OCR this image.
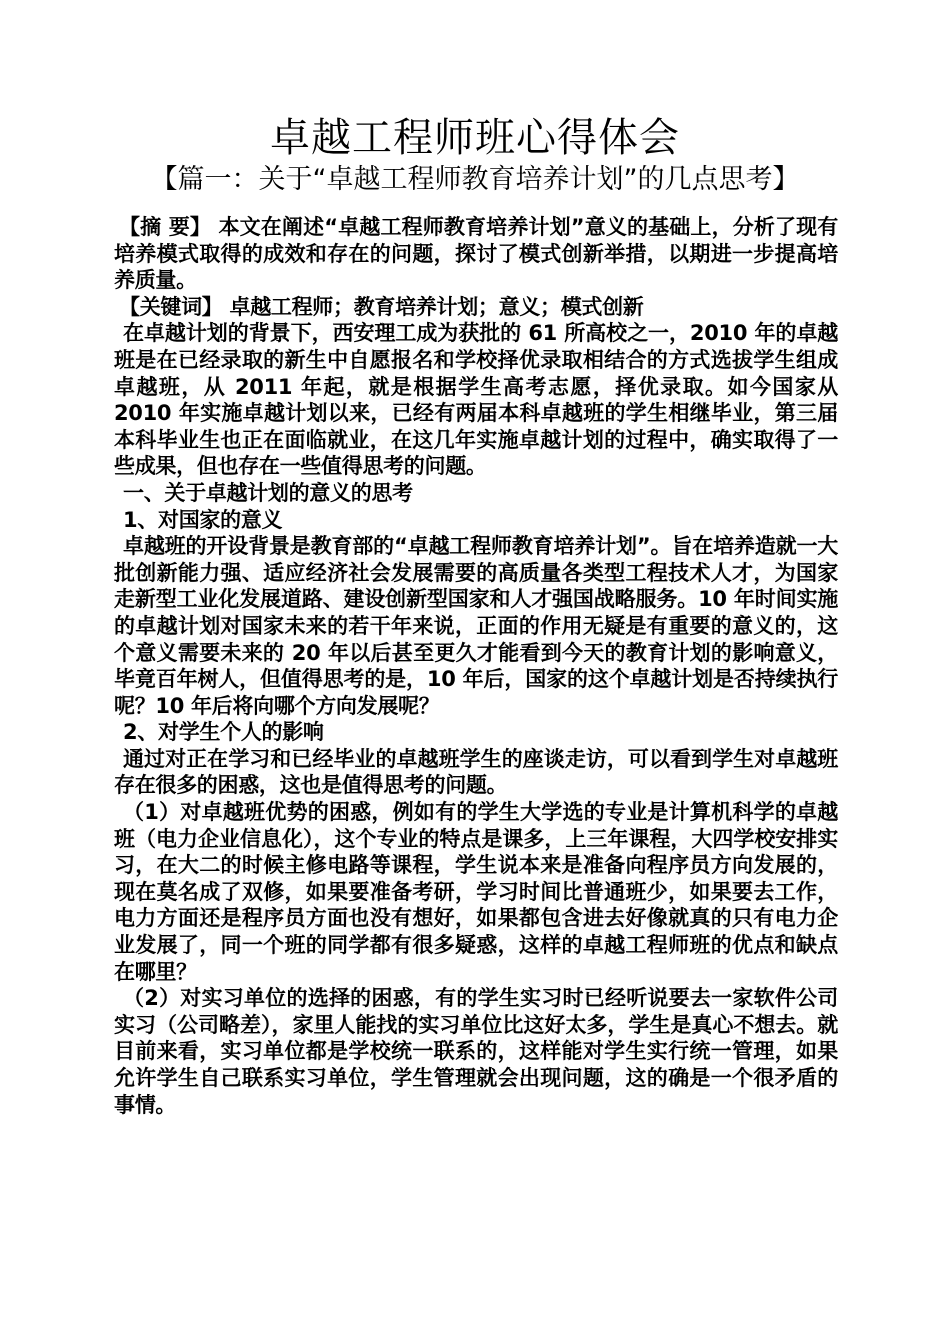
卓越工程师班心得体会
【篇一：关于“卓越工程师教育培养计划”的几点思考】

【摘 要】 本文在阐述“卓越工程师教育培养计划”意义的基础上，分析了现有培养模式取得的成效和存在的问题，探讨了模式创新举措，以期进一步提高培养质量。

【关键词】 卓越工程师；教育培养计划；意义；模式创新

在卓越计划的背景下，西安理工成为获批的 61 所高校之一，2010 年的卓越班是在已经录取的新生中自愿报名和学校择优录取相结合的方式选拔学生组成卓越班，从 2011 年起，就是根据学生高考志愿，择优录取。如今国家从 2010 年实施卓越计划以来，已经有两届本科卓越班的学生相继毕业，第三届本科毕业生也正在面临就业，在这几年实施卓越计划的过程中，确实取得了一些成果，但也存在一些值得思考的问题。

一、关于卓越计划的意义的思考

1、对国家的意义

卓越班的开设背景是教育部的“卓越工程师教育培养计划”。旨在培养造就一大批创新能力强、适应经济社会发展需要的高质量各类型工程技术人才，为国家走新型工业化发展道路、建设创新型国家和人才强国战略服务。10 年时间实施的卓越计划对国家未来的若干年来说，正面的作用无疑是有重要的意义的，这个意义需要未来的 20 年以后甚至更久才能看到今天的教育计划的影响意义，毕竟百年树人，但值得思考的是，10 年后，国家的这个卓越计划是否持续执行呢？10 年后将向哪个方向发展呢？

2、对学生个人的影响

通过对正在学习和已经毕业的卓越班学生的座谈走访，可以看到学生对卓越班存在很多的困惑，这也是值得思考的问题。

（1）对卓越班优势的困惑，例如有的学生大学选的专业是计算机科学的卓越班（电力企业信息化），这个专业的特点是课多，上三年课程，大四学校安排实习，在大二的时候主修电路等课程，学生说本来是准备向程序员方向发展的，现在莫名成了双修，如果要准备考研，学习时间比普通班少，如果要去工作，电力方面还是程序员方面也没有想好，如果都包含进去好像就真的只有电力企业发展了，同一个班的同学都有很多疑惑，这样的卓越工程师班的优点和缺点在哪里？

（2）对实习单位的选择的困惑，有的学生实习时已经听说要去一家软件公司实习（公司略差），家里人能找的实习单位比这好太多，学生是真心不想去。就目前来看，实习单位都是学校统一联系的，这样能对学生实行统一管理，如果允许学生自己联系实习单位，学生管理就会出现问题，这的确是一个很矛盾的事情。
